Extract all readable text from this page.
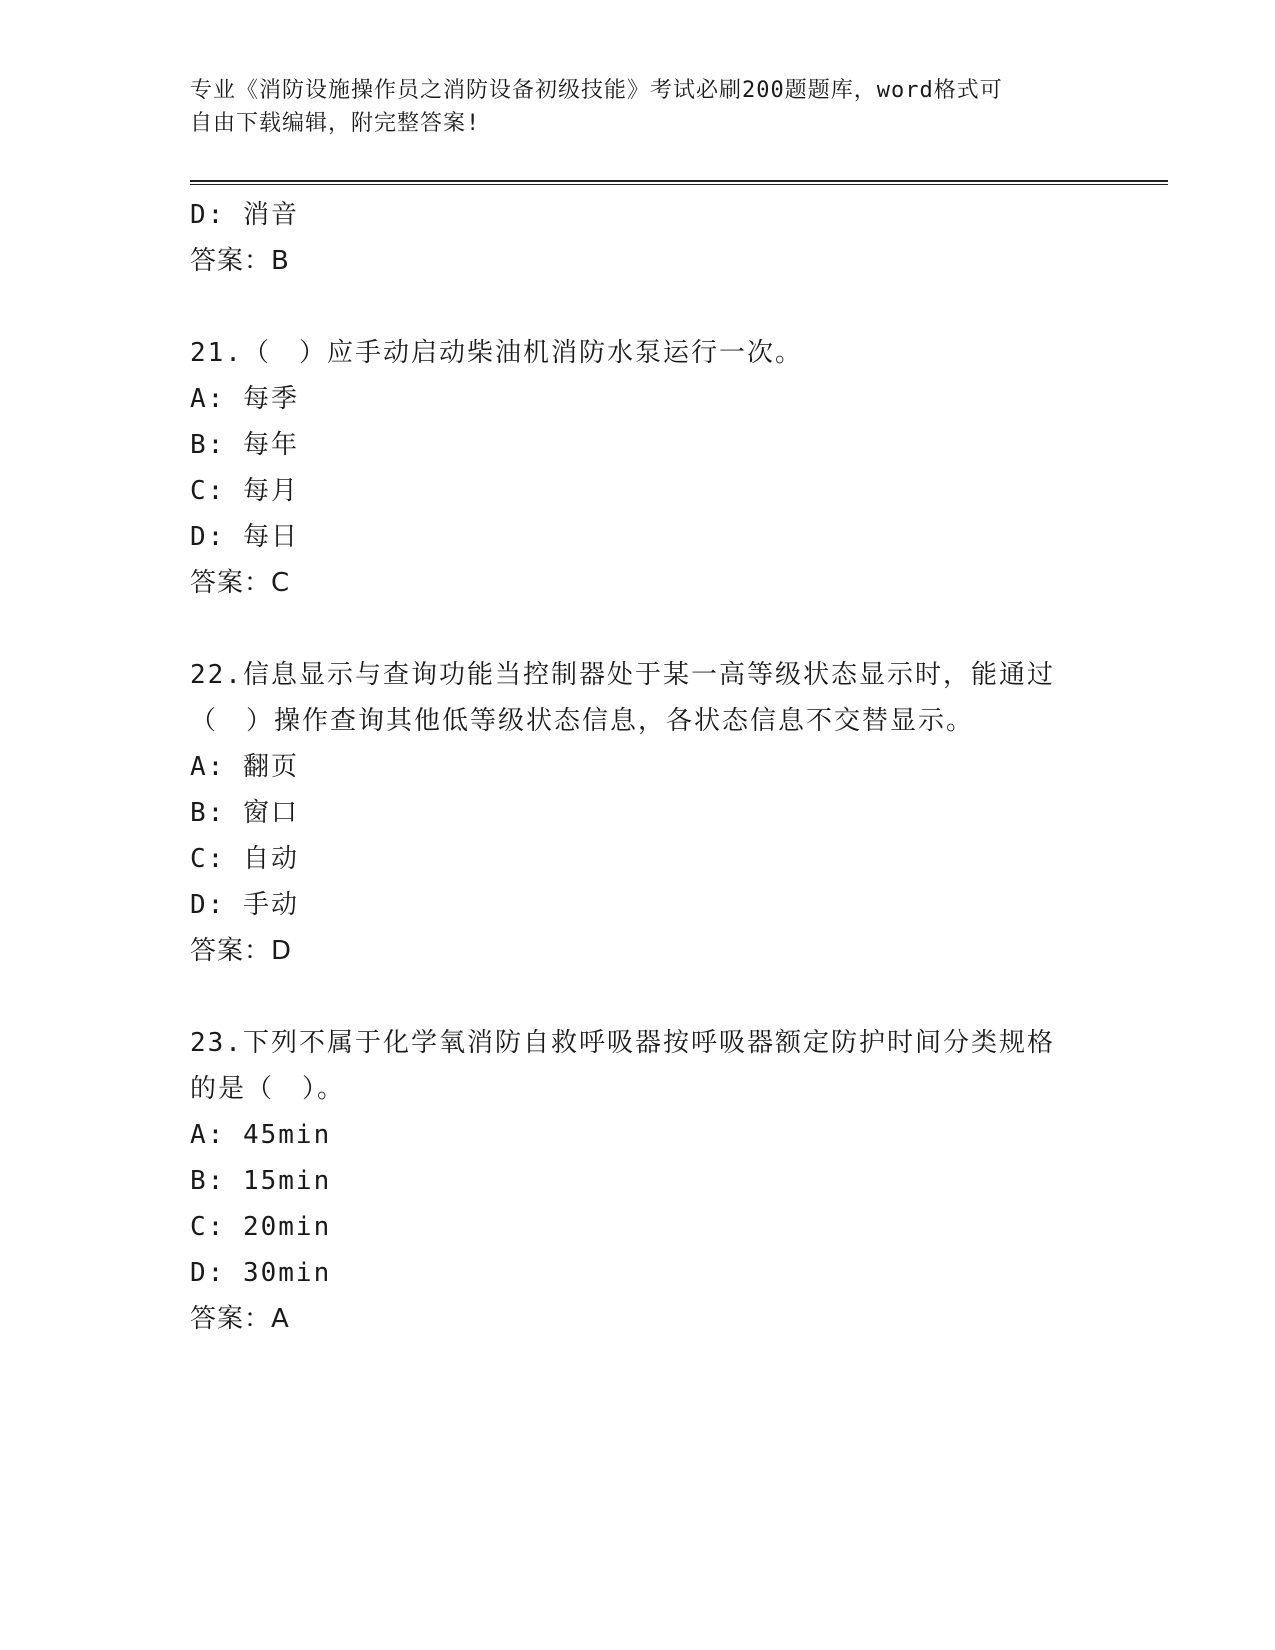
专业《消防设施操作员之消防设备初级技能》考试必刷200题题库，word格式可
自由下载编辑，附完整答案!
D: 消音
答案：B
21.（　）应手动启动柴油机消防水泵运行一次。
A: 每季
B: 每年
C: 每月
D: 每日
答案：C
22.信息显示与查询功能当控制器处于某一高等级状态显示时，能通过
（　）操作查询其他低等级状态信息，各状态信息不交替显示。
A: 翻页
B: 窗口
C: 自动
D: 手动
答案：D
23.下列不属于化学氧消防自救呼吸器按呼吸器额定防护时间分类规格
的是（　）。
A: 45min
B: 15min
C: 20min
D: 30min
答案：A
